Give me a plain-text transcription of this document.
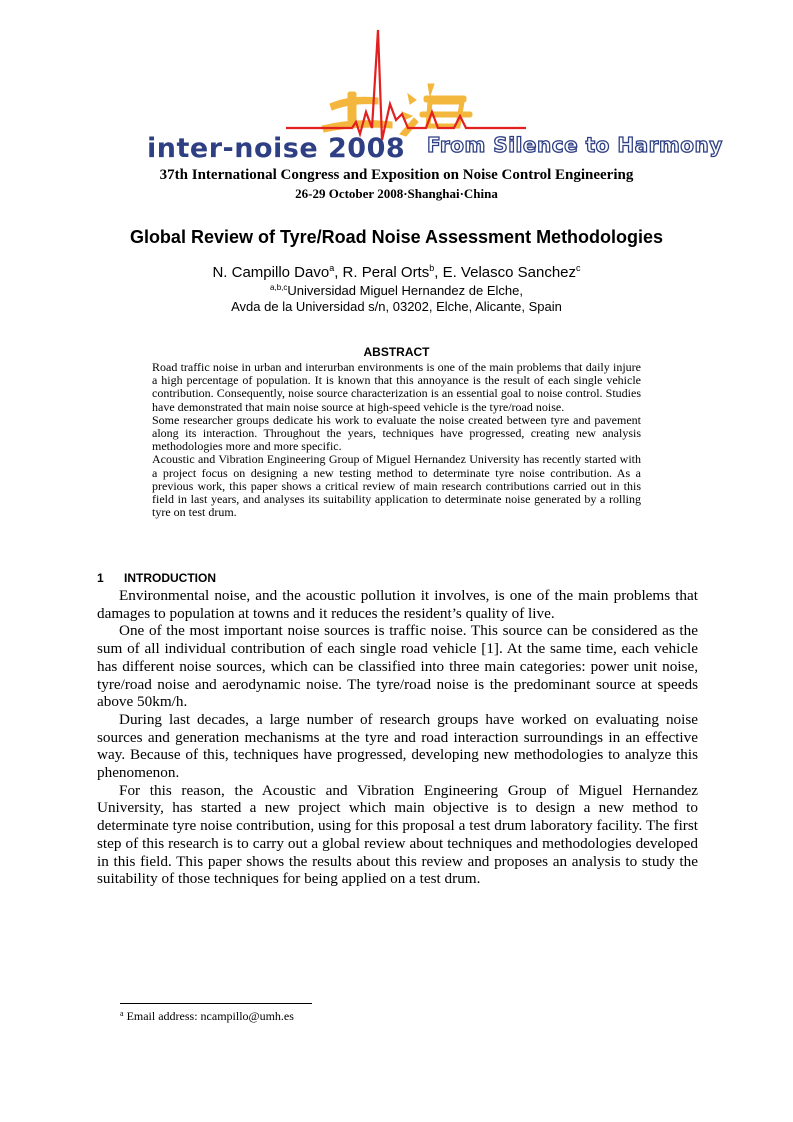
inter-noise 2008 From Silence to Harmony
37th International Congress and Exposition on Noise Control Engineering
26-29 October 2008·Shanghai·China
Global Review of Tyre/Road Noise Assessment Methodologies
N. Campillo Davo$^a$, R. Peral Orts$^b$, E. Velasco Sanchez$^c$
$^{a,b,c}$Universidad Miguel Hernandez de Elche,
Avda de la Universidad s/n, 03202, Elche, Alicante, Spain
ABSTRACT

Road traffic noise in urban and interurban environments is one of the main problems that daily injure a high percentage of population. It is known that this annoyance is the result of each single vehicle contribution. Consequently, noise source characterization is an essential goal to noise control. Studies have demonstrated that main noise source at high-speed vehicle is the tyre/road noise.

Some researcher groups dedicate his work to evaluate the noise created between tyre and pavement along its interaction. Throughout the years, techniques have progressed, creating new analysis methodologies more and more specific.

Acoustic and Vibration Engineering Group of Miguel Hernandez University has recently started with a project focus on designing a new testing method to determinate tyre noise contribution. As a previous work, this paper shows a critical review of main research contributions carried out in this field in last years, and analyses its suitability application to determinate noise generated by a rolling tyre on test drum.

1 INTRODUCTION

Environmental noise, and the acoustic pollution it involves, is one of the main problems that damages to population at towns and it reduces the resident’s quality of live.

One of the most important noise sources is traffic noise. This source can be considered as the sum of all individual contribution of each single road vehicle [1]. At the same time, each vehicle has different noise sources, which can be classified into three main categories: power unit noise, tyre/road noise and aerodynamic noise. The tyre/road noise is the predominant source at speeds above 50km/h.

During last decades, a large number of research groups have worked on evaluating noise sources and generation mechanisms at the tyre and road interaction surroundings in an effective way. Because of this, techniques have progressed, developing new methodologies to analyze this phenomenon.

For this reason, the Acoustic and Vibration Engineering Group of Miguel Hernandez University, has started a new project which main objective is to design a new method to determinate tyre noise contribution, using for this proposal a test drum laboratory facility. The first step of this research is to carry out a global review about techniques and methodologies developed in this field. This paper shows the results about this review and proposes an analysis to study the suitability of those techniques for being applied on a test drum.

$^a$ Email address: ncampillo@umh.es
